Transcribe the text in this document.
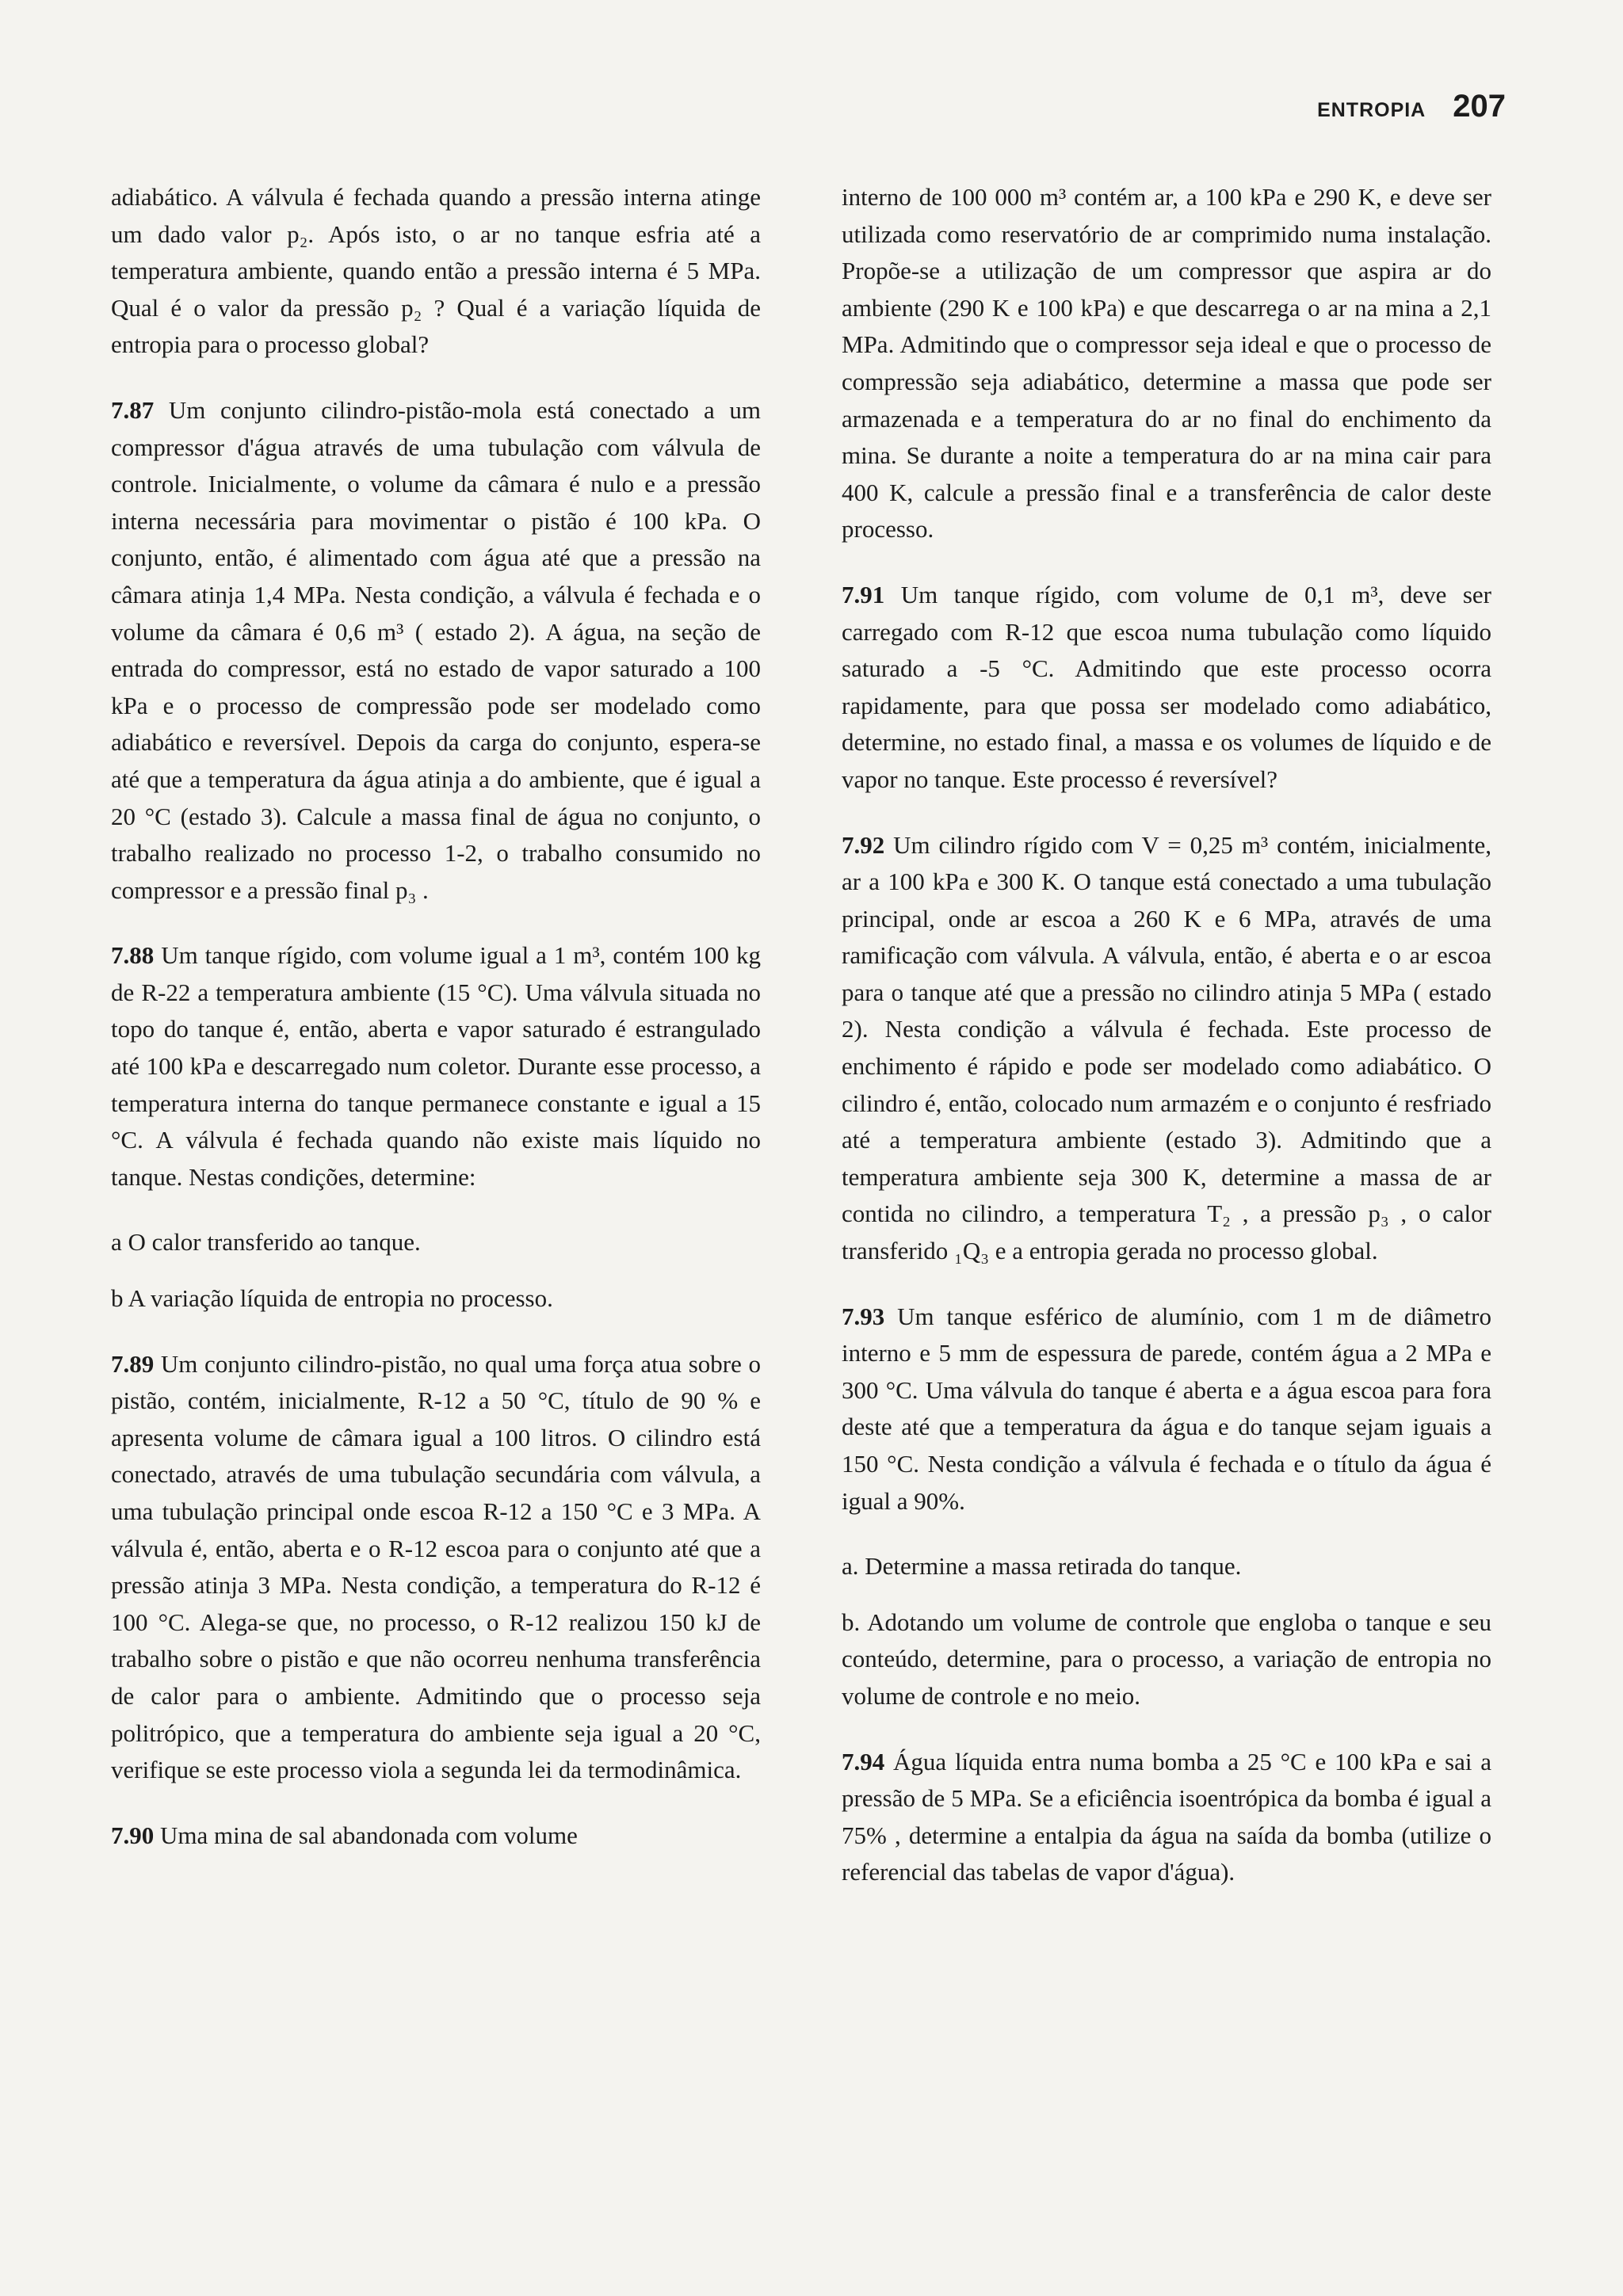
ENTROPIA 207

adiabático. A válvula é fechada quando a pressão interna atinge um dado valor p₂. Após isto, o ar no tanque esfria até a temperatura ambiente, quando então a pressão interna é 5 MPa. Qual é o valor da pressão p₂ ? Qual é a variação líquida de entropia para o processo global?

7.87 Um conjunto cilindro-pistão-mola está conectado a um compressor d'água através de uma tubulação com válvula de controle. Inicialmente, o volume da câmara é nulo e a pressão interna necessária para movimentar o pistão é 100 kPa. O conjunto, então, é alimentado com água até que a pressão na câmara atinja 1,4 MPa. Nesta condição, a válvula é fechada e o volume da câmara é 0,6 m³ ( estado 2). A água, na seção de entrada do compressor, está no estado de vapor saturado a 100 kPa e o processo de compressão pode ser modelado como adiabático e reversível. Depois da carga do conjunto, espera-se até que a temperatura da água atinja a do ambiente, que é igual a 20 °C (estado 3). Calcule a massa final de água no conjunto, o trabalho realizado no processo 1-2, o trabalho consumido no compressor e a pressão final p₃ .

7.88 Um tanque rígido, com volume igual a 1 m³, contém 100 kg de R-22 a temperatura ambiente (15 °C). Uma válvula situada no topo do tanque é, então, aberta e vapor saturado é estrangulado até 100 kPa e descarregado num coletor. Durante esse processo, a temperatura interna do tanque permanece constante e igual a 15 °C. A válvula é fechada quando não existe mais líquido no tanque. Nestas condições, determine:

a O calor transferido ao tanque.

b A variação líquida de entropia no processo.

7.89 Um conjunto cilindro-pistão, no qual uma força atua sobre o pistão, contém, inicialmente, R-12 a 50 °C, título de 90 % e apresenta volume de câmara igual a 100 litros. O cilindro está conectado, através de uma tubulação secundária com válvula, a uma tubulação principal onde escoa R-12 a 150 °C e 3 MPa. A válvula é, então, aberta e o R-12 escoa para o conjunto até que a pressão atinja 3 MPa. Nesta condição, a temperatura do R-12 é 100 °C. Alega-se que, no processo, o R-12 realizou 150 kJ de trabalho sobre o pistão e que não ocorreu nenhuma transferência de calor para o ambiente. Admitindo que o processo seja politrópico, que a temperatura do ambiente seja igual a 20 °C, verifique se este processo viola a segunda lei da termodinâmica.

7.90 Uma mina de sal abandonada com volume

interno de 100 000 m³ contém ar, a 100 kPa e 290 K, e deve ser utilizada como reservatório de ar comprimido numa instalação. Propõe-se a utilização de um compressor que aspira ar do ambiente (290 K e 100 kPa) e que descarrega o ar na mina a 2,1 MPa. Admitindo que o compressor seja ideal e que o processo de compressão seja adiabático, determine a massa que pode ser armazenada e a temperatura do ar no final do enchimento da mina. Se durante a noite a temperatura do ar na mina cair para 400 K, calcule a pressão final e a transferência de calor deste processo.

7.91 Um tanque rígido, com volume de 0,1 m³, deve ser carregado com R-12 que escoa numa tubulação como líquido saturado a -5 °C. Admitindo que este processo ocorra rapidamente, para que possa ser modelado como adiabático, determine, no estado final, a massa e os volumes de líquido e de vapor no tanque. Este processo é reversível?

7.92 Um cilindro rígido com V = 0,25 m³ contém, inicialmente, ar a 100 kPa e 300 K. O tanque está conectado a uma tubulação principal, onde ar escoa a 260 K e 6 MPa, através de uma ramificação com válvula. A válvula, então, é aberta e o ar escoa para o tanque até que a pressão no cilindro atinja 5 MPa ( estado 2). Nesta condição a válvula é fechada. Este processo de enchimento é rápido e pode ser modelado como adiabático. O cilindro é, então, colocado num armazém e o conjunto é resfriado até a temperatura ambiente (estado 3). Admitindo que a temperatura ambiente seja 300 K, determine a massa de ar contida no cilindro, a temperatura T₂ , a pressão p₃ , o calor transferido ₁Q₃ e a entropia gerada no processo global.

7.93 Um tanque esférico de alumínio, com 1 m de diâmetro interno e 5 mm de espessura de parede, contém água a 2 MPa e 300 °C. Uma válvula do tanque é aberta e a água escoa para fora deste até que a temperatura da água e do tanque sejam iguais a 150 °C. Nesta condição a válvula é fechada e o título da água é igual a 90%.

a. Determine a massa retirada do tanque.

b. Adotando um volume de controle que engloba o tanque e seu conteúdo, determine, para o processo, a variação de entropia no volume de controle e no meio.

7.94 Água líquida entra numa bomba a 25 °C e 100 kPa e sai a pressão de 5 MPa. Se a eficiência isoentrópica da bomba é igual a 75% , determine a entalpia da água na saída da bomba (utilize o referencial das tabelas de vapor d'água).
